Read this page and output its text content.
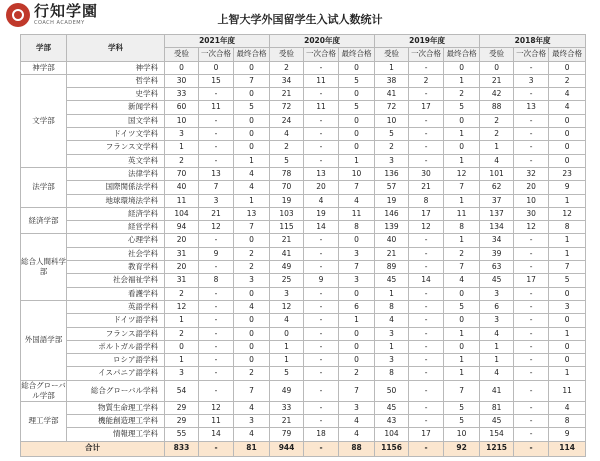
行知学園
COACH ACADEMY	上智大学外国留学生入试人数统计
学部	学科	2021年度			2020年度			2019年度			2018年度		
		受验	一次合格	最终合格	受验	一次合格	最终合格	受验	一次合格	最终合格	受验	一次合格	最终合格
神学部	神学科	0	0	0	2	-	0	1	-	0	0	-	0
文学部	哲学科	30	15	7	34	11	5	38	2	1	21	3	2
	史学科	33	-	0	21	-	0	41	-	2	42	-	4
	新闻学科	60	11	5	72	11	5	72	17	5	88	13	4
	国文学科	10	-	0	24	-	0	10	-	0	2	-	0
	ドイツ文学科	3	-	0	4	-	0	5	-	1	2	-	0
	フランス文学科	1	-	0	2	-	0	2	-	0	1	-	0
	英文学科	2	-	1	5	-	1	3	-	1	4	-	0
法学部	法律学科	70	13	4	78	13	10	136	30	12	101	32	23
	国際関係法学科	40	7	4	70	20	7	57	21	7	62	20	9
	地球環境法学科	11	3	1	19	4	4	19	8	1	37	10	1
経済学部	経済学科	104	21	13	103	19	11	146	17	11	137	30	12
	経営学科	94	12	7	115	14	8	139	12	8	134	12	8
総合人間科学部	心理学科	20	-	0	21	-	0	40	-	1	34	-	1
	社会学科	31	9	2	41	-	3	21	-	2	39	-	1
	教育学科	20	-	2	49	-	7	89	-	7	63	-	7
	社会福祉学科	31	8	3	25	9	3	45	14	4	45	17	5
	看護学科	2	-	0	3	-	0	1	-	0	3	-	0
外国語学部	英語学科	12	-	4	12	-	6	8	-	5	6	-	3
	ドイツ語学科	1	-	0	4	-	1	4	-	0	3	-	0
	フランス語学科	2	-	0	0	-	0	3	-	1	4	-	1
	ポルトガル語学科	0	-	0	1	-	0	1	-	0	1	-	0
	ロシア語学科	1	-	0	1	-	0	3	-	1	1	-	0
	イスパニア語学科	3	-	2	5	-	2	8	-	1	4	-	1
総合グローバル学部	総合グローバル学科	54	-	7	49	-	7	50	-	7	41	-	11
理工学部	物質生命理工学科	29	12	4	33	-	3	45	-	5	81	-	4
	機能創造理工学科	29	11	3	21	-	4	43	-	5	45	-	8
	情報理工学科	55	14	4	79	18	4	104	17	10	154	-	9
合计		833	-	81	944	-	88	1156	-	92	1215	-	114
